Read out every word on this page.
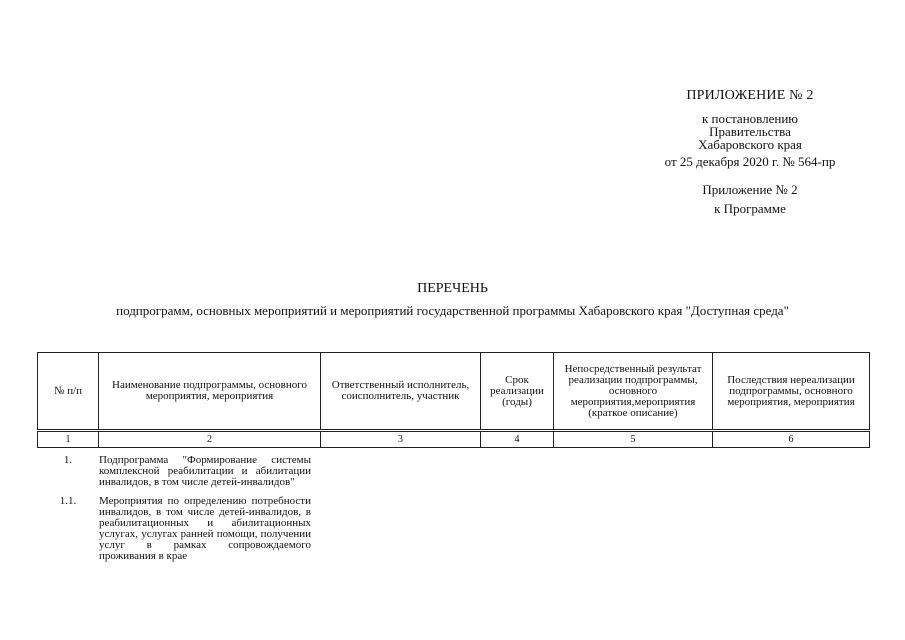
ПРИЛОЖЕНИЕ № 2
к постановлению
Правительства
Хабаровского края
от 25 декабря 2020 г. № 564-пр
Приложение № 2
к Программе
ПЕРЕЧЕНЬ
подпрограмм, основных мероприятий и мероприятий государственной программы Хабаровского края "Доступная среда"
№ п/п	Наименование подпрограммы, основного мероприятия, мероприятия	Ответственный исполнитель, соисполнитель, участник	Срок реализации (годы)	Непосредственный результат реализации подпрограммы, основного мероприятия,мероприятия (краткое описание)	Последствия нереализации подпрограммы, основного мероприятия, мероприятия
1	2	3	4	5	6
1.	Подпрограмма "Формирование системы комплексной реабилитации и абилитации инвалидов, в том числе детей-инвалидов"
1.1.	Мероприятия по определению потребности инвалидов, в том числе детей-инвалидов, в реабилитационных и абилитационных услугах, услугах ранней помощи, получении услуг в рамках сопровождаемого проживания в крае
